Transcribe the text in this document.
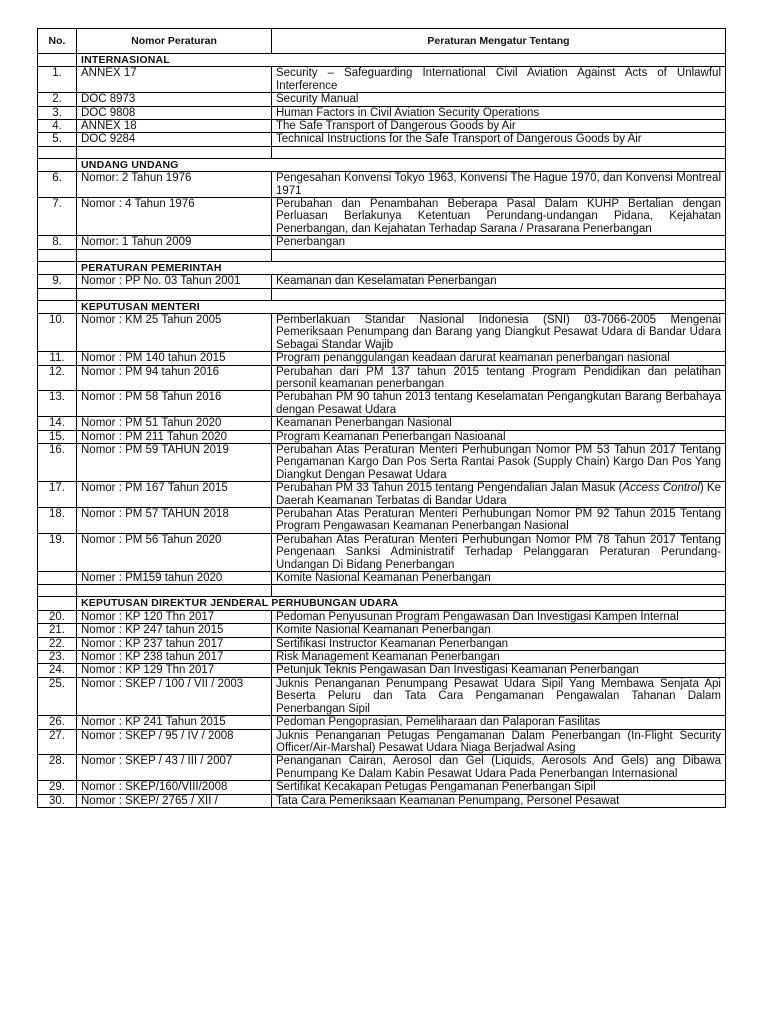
No.	Nomor Peraturan	Peraturan Mengatur Tentang
	INTERNASIONAL	
1.	ANNEX 17	Security – Safeguarding International Civil Aviation Against Acts of Unlawful Interference
2.	DOC 8973	Security Manual
3.	DOC 9808	Human Factors in Civil Aviation Security Operations
4.	ANNEX 18	The Safe Transport of Dangerous Goods by Air
5.	DOC 9284	Technical Instructions for the Safe Transport of Dangerous Goods by Air

	UNDANG UNDANG	
6.	Nomor: 2 Tahun 1976	Pengesahan Konvensi Tokyo 1963, Konvensi The Hague 1970, dan Konvensi Montreal 1971
7.	Nomor : 4 Tahun 1976	Perubahan dan Penambahan Beberapa Pasal Dalam KUHP Bertalian dengan Perluasan Berlakunya Ketentuan Perundang-undangan Pidana, Kejahatan Penerbangan, dan Kejahatan Terhadap Sarana / Prasarana Penerbangan
8.	Nomor: 1 Tahun 2009	Penerbangan

	PERATURAN PEMERINTAH	
9.	Nomor : PP No. 03 Tahun 2001	Keamanan dan Keselamatan Penerbangan

	KEPUTUSAN MENTERI	
10.	Nomor : KM 25 Tahun 2005	Pemberlakuan Standar Nasional Indonesia (SNI) 03-7066-2005 Mengenai Pemeriksaan Penumpang dan Barang yang Diangkut Pesawat Udara di Bandar Udara Sebagai Standar Wajib
11.	Nomor : PM 140 tahun 2015	Program penanggulangan keadaan darurat keamanan penerbangan nasional
12.	Nomor : PM 94 tahun 2016	Perubahan dari PM 137 tahun 2015 tentang Program Pendidikan dan pelatihan personil keamanan penerbangan
13.	Nomor : PM 58 Tahun 2016	Perubahan PM 90 tahun 2013 tentang Keselamatan Pengangkutan Barang Berbahaya dengan Pesawat Udara
14.	Nomor : PM 51 Tahun 2020	Keamanan Penerbangan Nasional
15.	Nomor : PM 211 Tahun 2020	Program Keamanan Penerbangan Nasioanal
16.	Nomor : PM 59 TAHUN 2019	Perubahan Atas Peraturan Menteri Perhubungan Nomor PM 53 Tahun 2017 Tentang Pengamanan Kargo Dan Pos Serta Rantai Pasok (Supply Chain) Kargo Dan Pos Yang Diangkut Dengan Pesawat Udara
17.	Nomor : PM 167 Tahun 2015	Perubahan PM 33 Tahun 2015 tentang Pengendalian Jalan Masuk (Access Control) Ke Daerah Keamanan Terbatas di Bandar Udara
18.	Nomor : PM 57 TAHUN 2018	Perubahan Atas Peraturan Menteri Perhubungan Nomor PM 92 Tahun 2015 Tentang Program Pengawasan Keamanan Penerbangan Nasional
19.	Nomor : PM 56 Tahun 2020	Perubahan Atas Peraturan Menteri Perhubungan Nomor PM 78 Tahun 2017 Tentang Pengenaan Sanksi Administratif Terhadap Pelanggaran Peraturan Perundang-Undangan Di Bidang Penerbangan
	Nomer : PM159 tahun 2020	Komite Nasional Keamanan Penerbangan

	KEPUTUSAN DIREKTUR JENDERAL PERHUBUNGAN UDARA	
20.	Nomor : KP 120 Thn 2017	Pedoman Penyusunan Program Pengawasan Dan Investigasi Kampen Internal
21.	Nomor : KP 247 tahun 2015	Komite Nasional Keamanan Penerbangan
22.	Nomor : KP 237 tahun 2017	Sertifikasi Instructor Keamanan Penerbangan
23.	Nomor : KP 238 tahun 2017	Risk Management Keamanan Penerbangan
24.	Nomor : KP 129 Thn 2017	Petunjuk Teknis Pengawasan Dan Investigasi Keamanan Penerbangan
25.	Nomor : SKEP / 100 / VII / 2003	Juknis Penanganan Penumpang Pesawat Udara Sipil Yang Membawa Senjata Api Beserta Peluru dan Tata Cara Pengamanan Pengawalan Tahanan Dalam Penerbangan Sipil
26.	Nomor : KP 241 Tahun 2015	Pedoman Pengoprasian, Pemeliharaan dan Palaporan Fasilitas
27.	Nomor : SKEP / 95 / IV / 2008	Juknis Penanganan Petugas Pengamanan Dalam Penerbangan (In-Flight Security Officer/Air-Marshal) Pesawat Udara Niaga Berjadwal Asing
28.	Nomor : SKEP / 43 / III / 2007	Penanganan Cairan, Aerosol dan Gel (Liquids, Aerosols And Gels) ang Dibawa Penumpang Ke Dalam Kabin Pesawat Udara Pada Penerbangan Internasional
29.	Nomor : SKEP/160/VIII/2008	Sertifikat Kecakapan Petugas Pengamanan Penerbangan Sipil
30.	Nomor : SKEP/ 2765 / XII /	Tata Cara Pemeriksaan Keamanan Penumpang, Personel Pesawat
